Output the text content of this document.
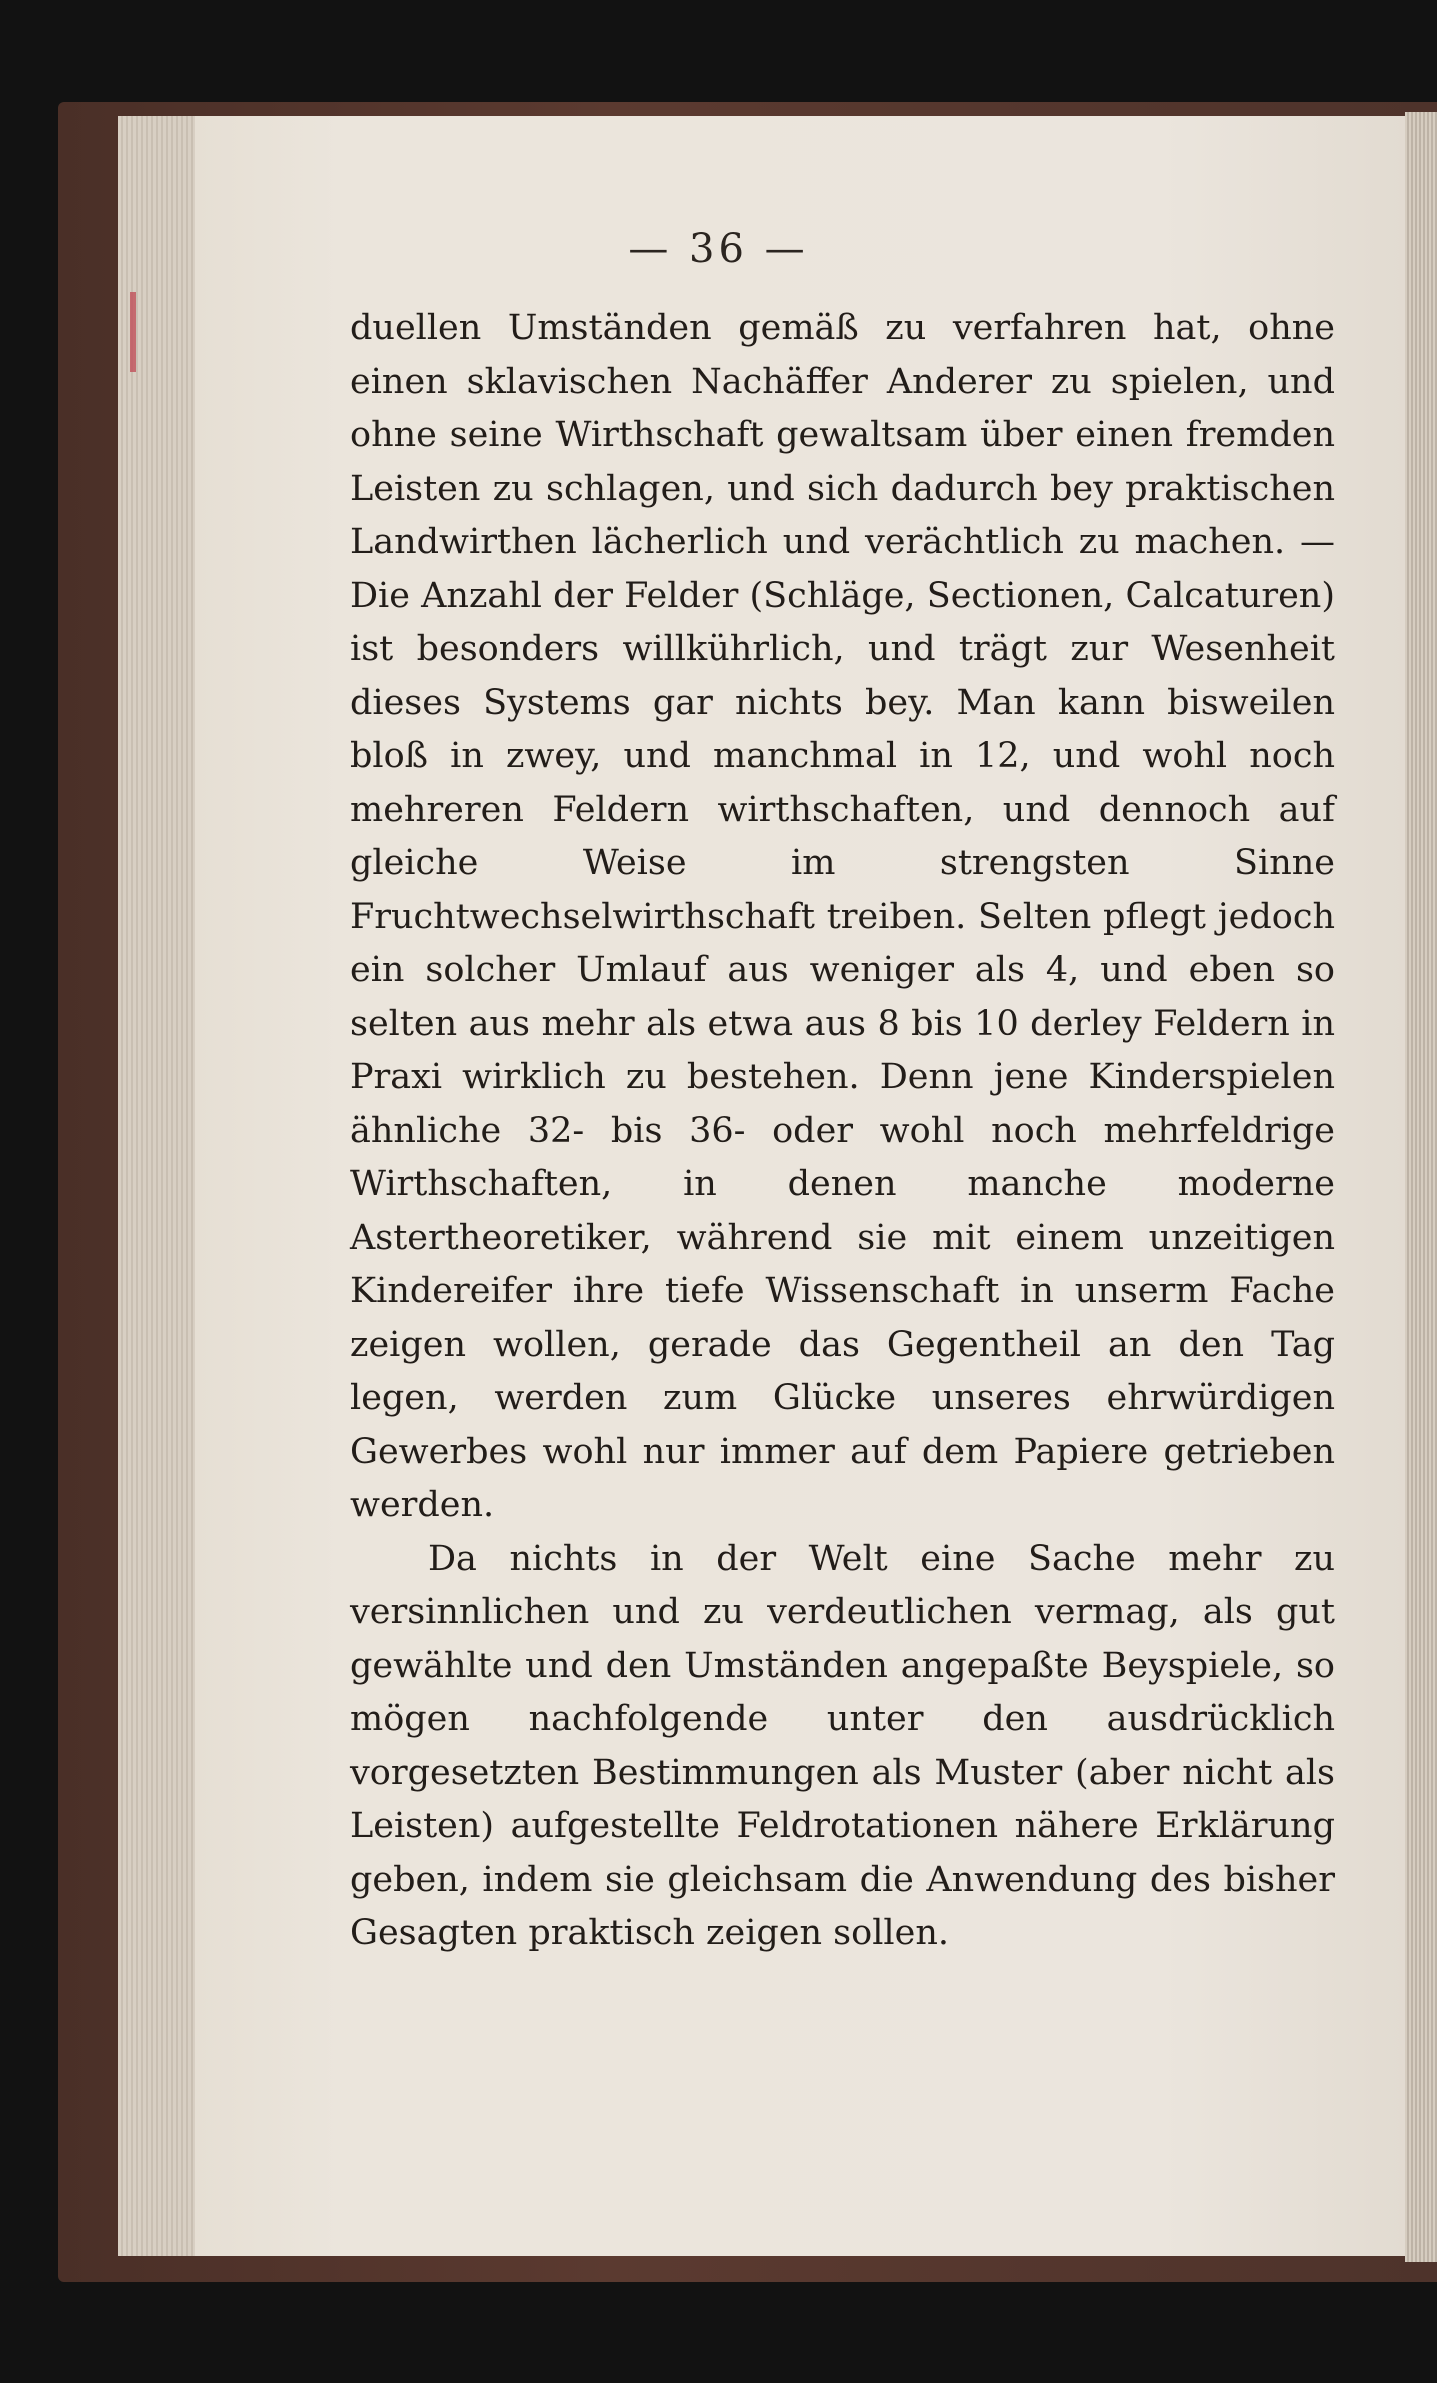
— 36 —

duellen Umständen gemäß zu verfahren hat, ohne einen sklavischen Nachäffer Anderer zu spielen, und ohne seine Wirthschaft gewaltsam über einen fremden Leisten zu schlagen, und sich dadurch bey praktischen Landwirthen lächerlich und verächtlich zu machen. — Die Anzahl der Felder (Schläge, Sectionen, Calcaturen) ist besonders willkührlich, und trägt zur Wesenheit dieses Systems gar nichts bey. Man kann bisweilen bloß in zwey, und manchmal in 12, und wohl noch mehreren Feldern wirthschaften, und dennoch auf gleiche Weise im strengsten Sinne Fruchtwechselwirthschaft treiben. Selten pflegt jedoch ein solcher Umlauf aus weniger als 4, und eben so selten aus mehr als etwa aus 8 bis 10 derley Feldern in Praxi wirklich zu bestehen. Denn jene Kinderspielen ähnliche 32- bis 36- oder wohl noch mehrfeldrige Wirthschaften, in denen manche moderne Astertheoretiker, während sie mit einem unzeitigen Kindereifer ihre tiefe Wissenschaft in unserm Fache zeigen wollen, gerade das Gegentheil an den Tag legen, werden zum Glücke unseres ehrwürdigen Gewerbes wohl nur immer auf dem Papiere getrieben werden.

Da nichts in der Welt eine Sache mehr zu versinnlichen und zu verdeutlichen vermag, als gut gewählte und den Umständen angepaßte Beyspiele, so mögen nachfolgende unter den ausdrücklich vorgesetzten Bestimmungen als Muster (aber nicht als Leisten) aufgestellte Feldrotationen nähere Erklärung geben, indem sie gleichsam die Anwendung des bisher Gesagten praktisch zeigen sollen.
